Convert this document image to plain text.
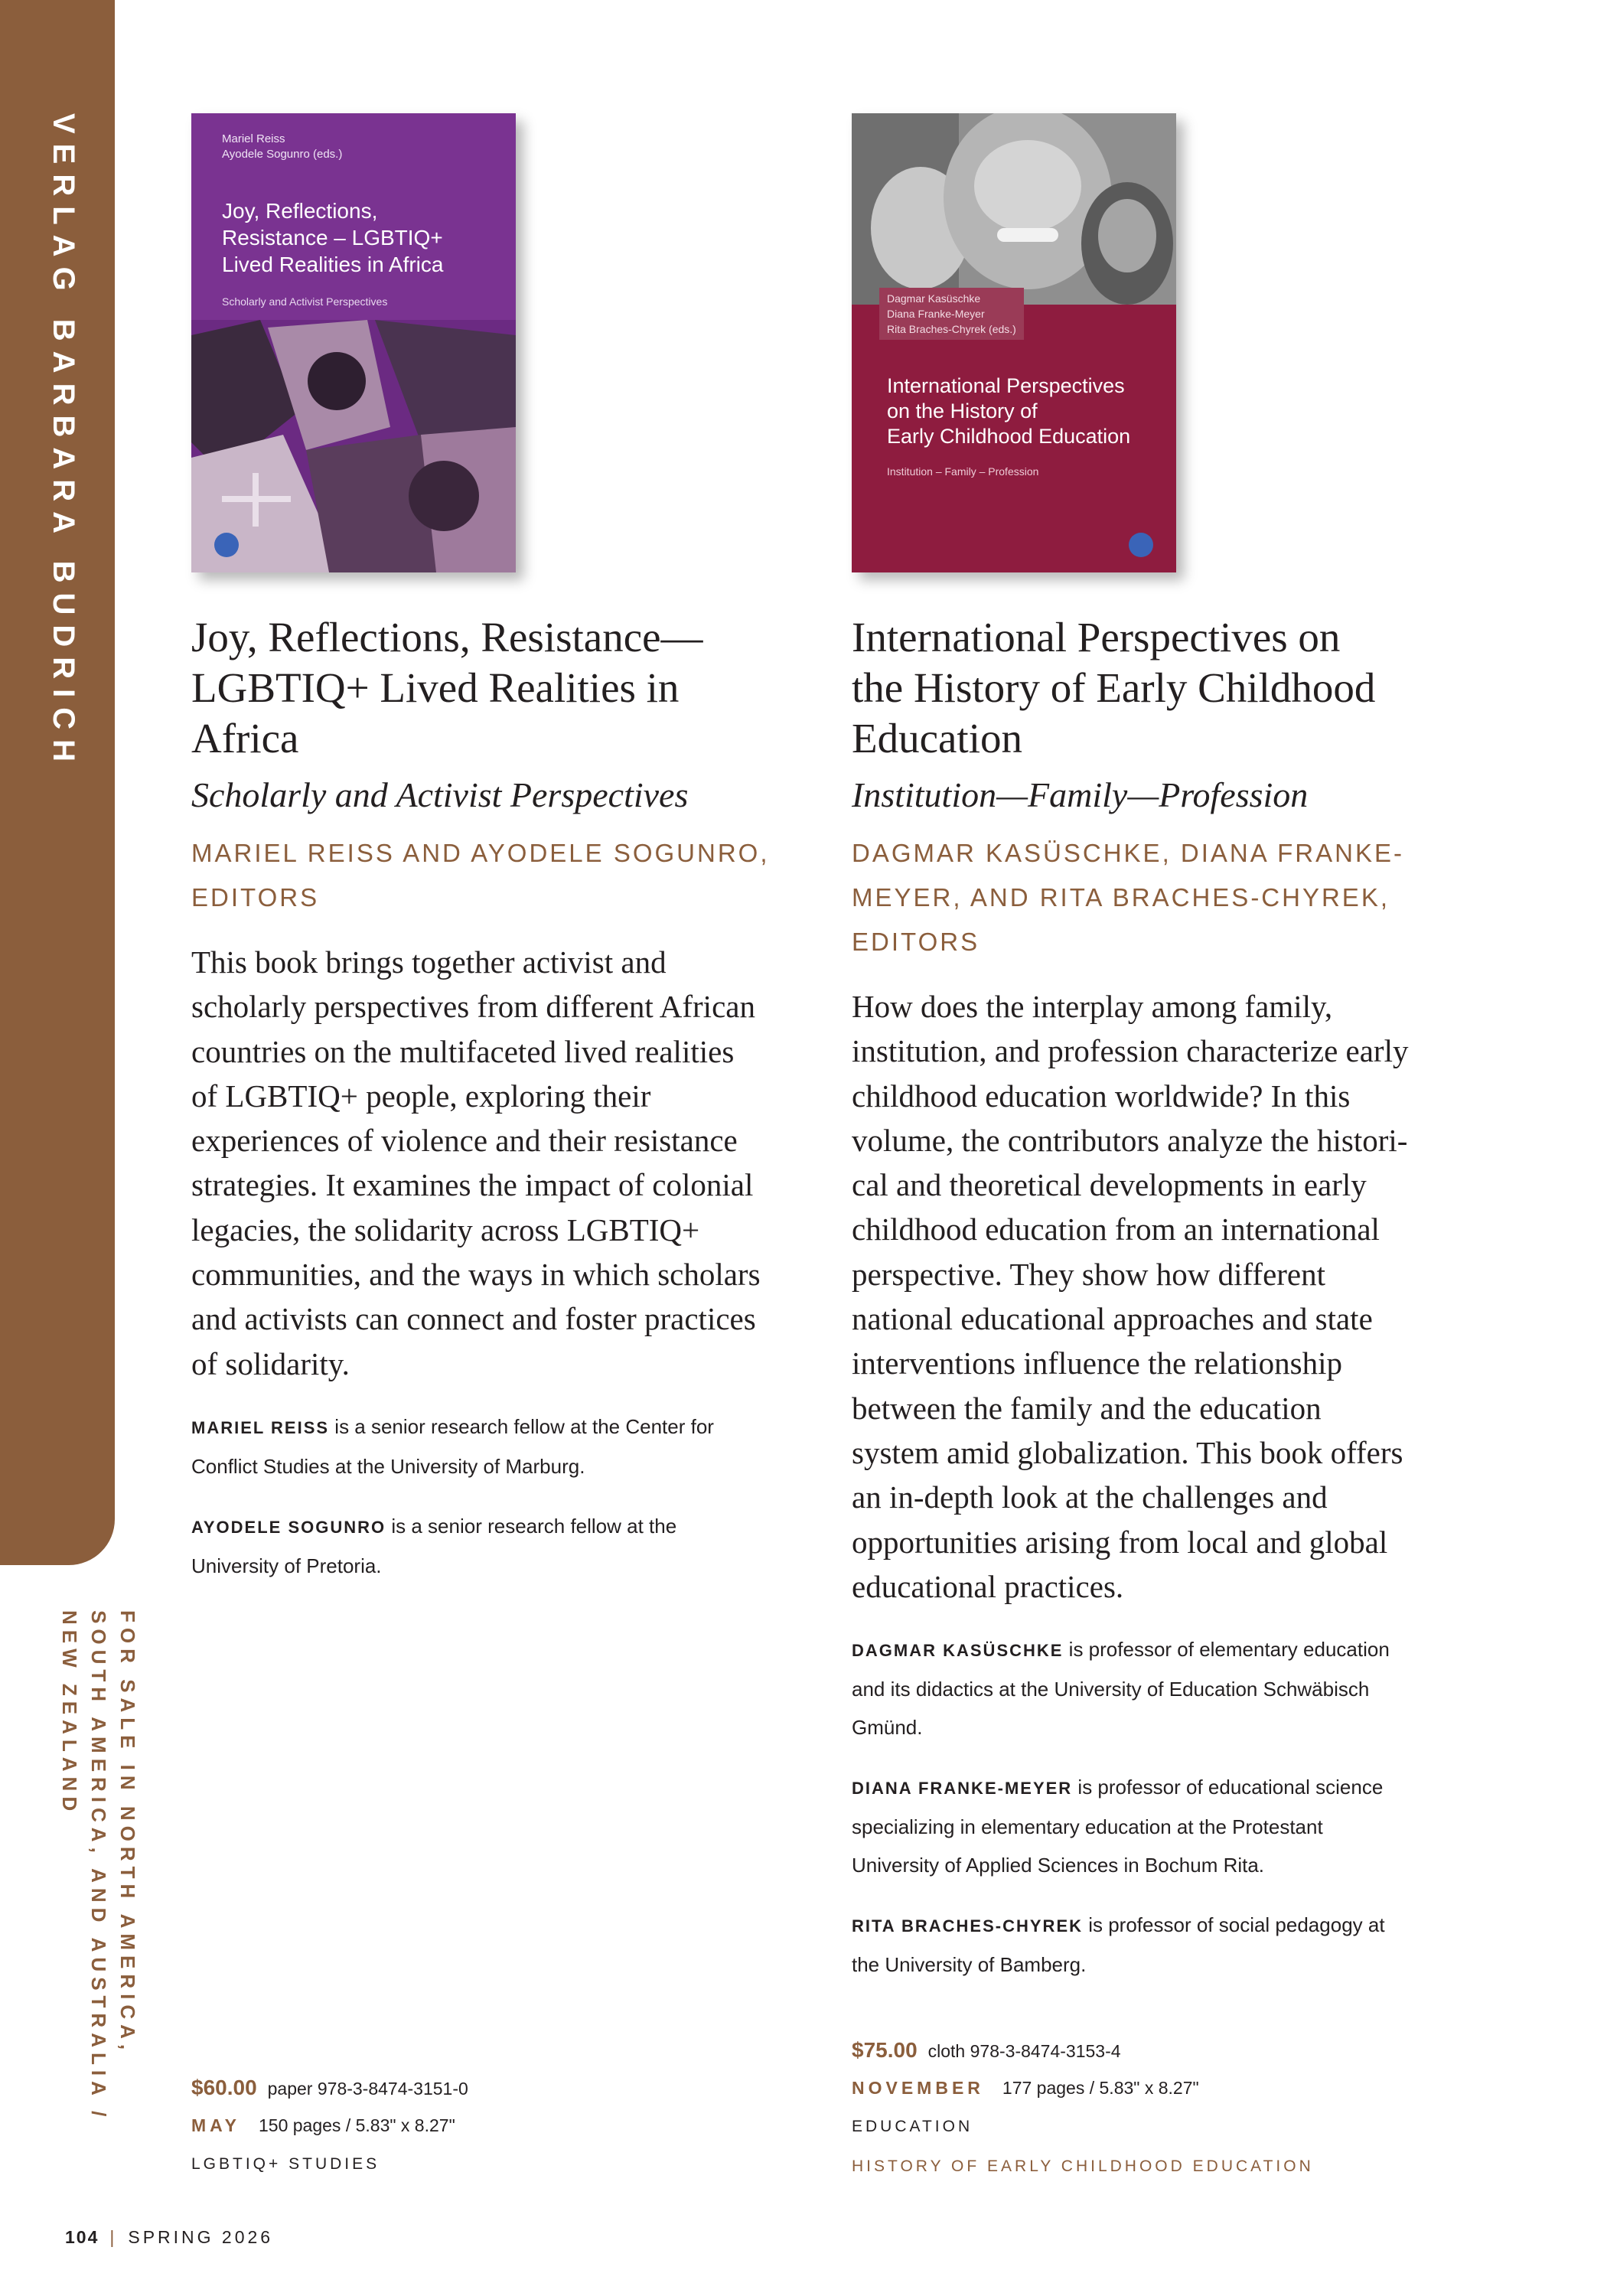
VERLAG BARBARA BUDRICH
FOR SALE IN NORTH AMERICA,
SOUTH AMERICA, AND AUSTRALIA /
NEW ZEALAND
Mariel Reiss
Ayodele Sogunro (eds.)
Joy, Reflections,
Resistance – LGBTIQ+
Lived Realities in Africa
Scholarly and Activist Perspectives
Joy, Reflections, Resistance—
LGBTIQ+ Lived Realities in
Africa
Scholarly and Activist Perspectives
MARIEL REISS AND AYODELE SOGUNRO,
EDITORS
This book brings together activist and
scholarly perspectives from different African
countries on the multifaceted lived realities
of LGBTIQ+ people, exploring their
experiences of violence and their resistance
strategies. It examines the impact of colonial
legacies, the solidarity across LGBTIQ+
communities, and the ways in which scholars
and activists can connect and foster practices
of solidarity.
MARIEL REISS is a senior research fellow at the Center for
Conflict Studies at the University of Marburg.
AYODELE SOGUNRO is a senior research fellow at the
University of Pretoria.
$60.00 paper 978-3-8474-3151-0
MAY 150 pages / 5.83" x 8.27"
LGBTIQ+ STUDIES
Dagmar Kasüschke
Diana Franke-Meyer
Rita Braches-Chyrek (eds.)
International Perspectives
on the History of
Early Childhood Education
Institution – Family – Profession
International Perspectives on
the History of Early Childhood
Education
Institution—Family—Profession
DAGMAR KASÜSCHKE, DIANA FRANKE-
MEYER, AND RITA BRACHES-CHYREK,
EDITORS
How does the interplay among family,
institution, and profession characterize early
childhood education worldwide? In this
volume, the contributors analyze the histori-
cal and theoretical developments in early
childhood education from an international
perspective. They show how different
national educational approaches and state
interventions influence the relationship
between the family and the education
system amid globalization. This book offers
an in-depth look at the challenges and
opportunities arising from local and global
educational practices.
DAGMAR KASÜSCHKE is professor of elementary education
and its didactics at the University of Education Schwäbisch
Gmünd.
DIANA FRANKE-MEYER is professor of educational science
specializing in elementary education at the Protestant
University of Applied Sciences in Bochum Rita.
RITA BRACHES-CHYREK is professor of social pedagogy at
the University of Bamberg.
$75.00 cloth 978-3-8474-3153-4
NOVEMBER 177 pages / 5.83" x 8.27"
EDUCATION
HISTORY OF EARLY CHILDHOOD EDUCATION
104 | SPRING 2026
